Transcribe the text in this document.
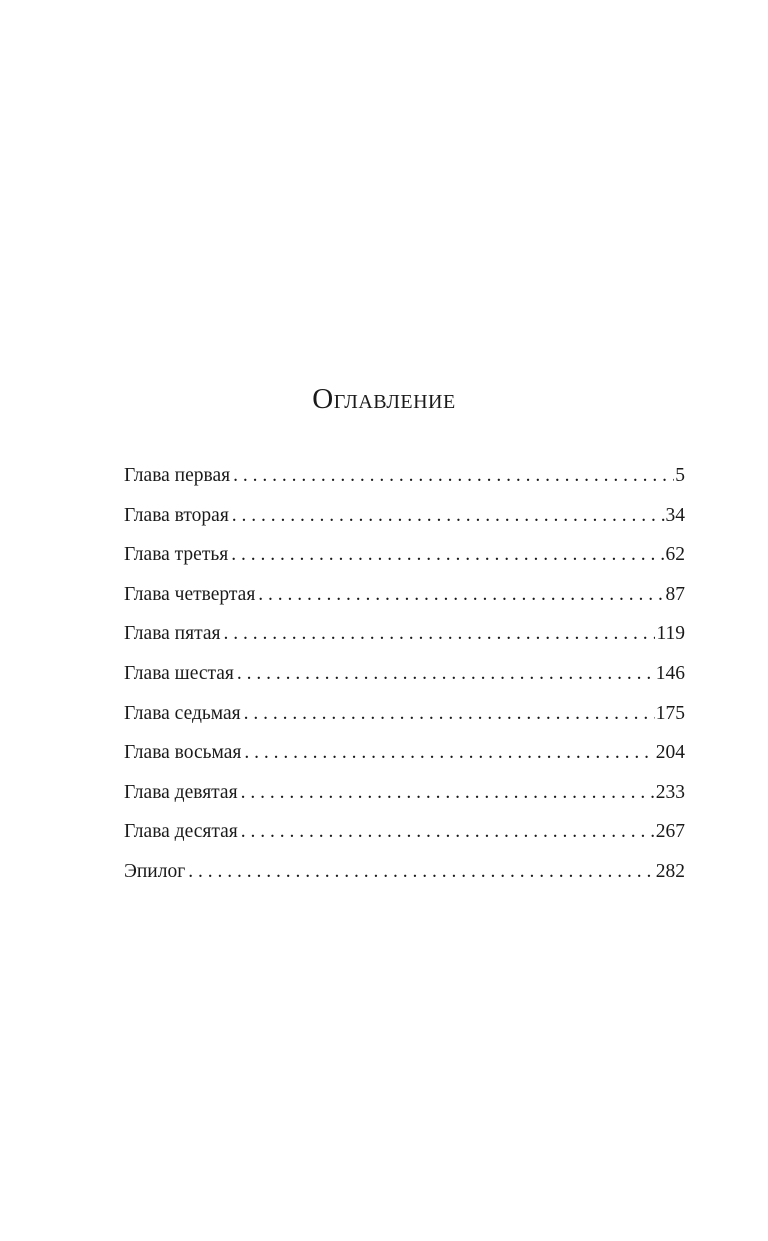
Оглавление
Глава первая . . .	5
Глава вторая . . .	34
Глава третья . . .	62
Глава четвертая . . .	87
Глава пятая . . .	119
Глава шестая . . .	146
Глава седьмая . . .	175
Глава восьмая . . .	204
Глава девятая . . .	233
Глава десятая . . .	267
Эпилог . . .	282
